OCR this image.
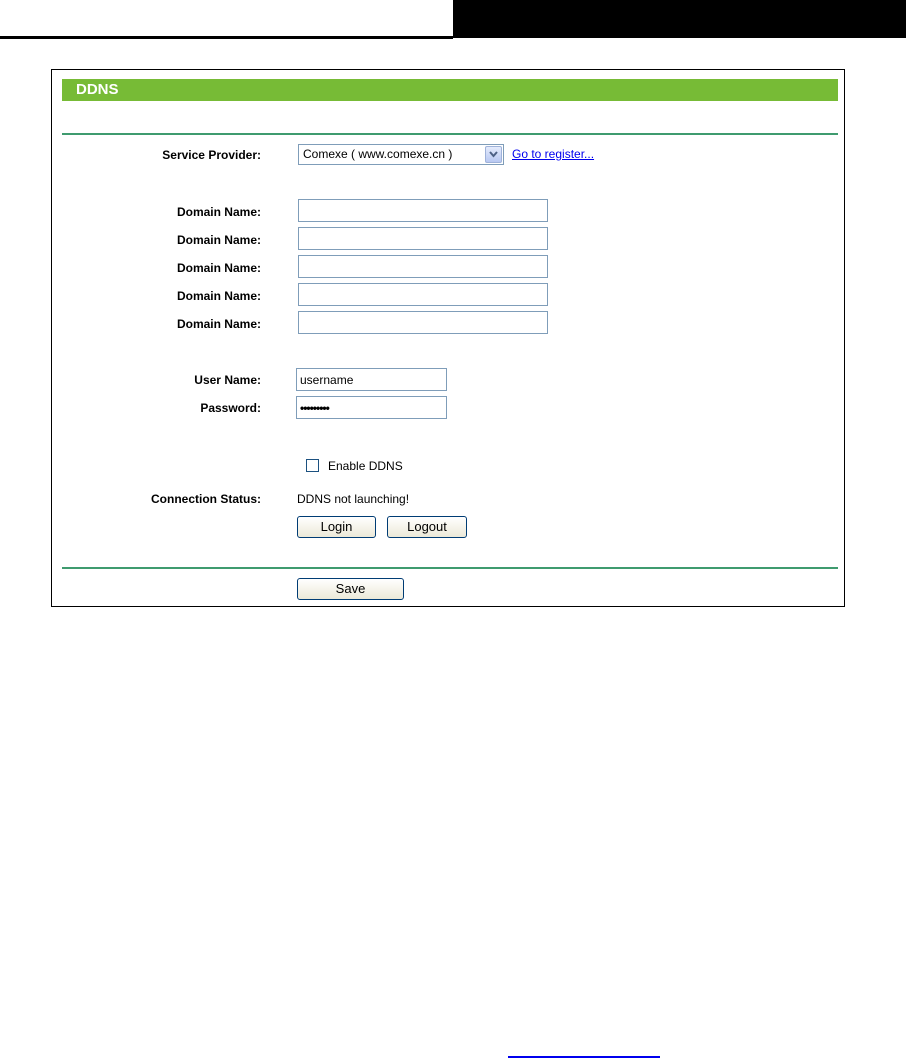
DDNS
Service Provider:	Comexe ( www.comexe.cn )	Go to register...
Domain Name:
Domain Name:
Domain Name:
Domain Name:
Domain Name:
User Name:
username
Password:
•••••••••
Enable DDNS
Connection Status:	DDNS not launching!
Login	Logout
Save
